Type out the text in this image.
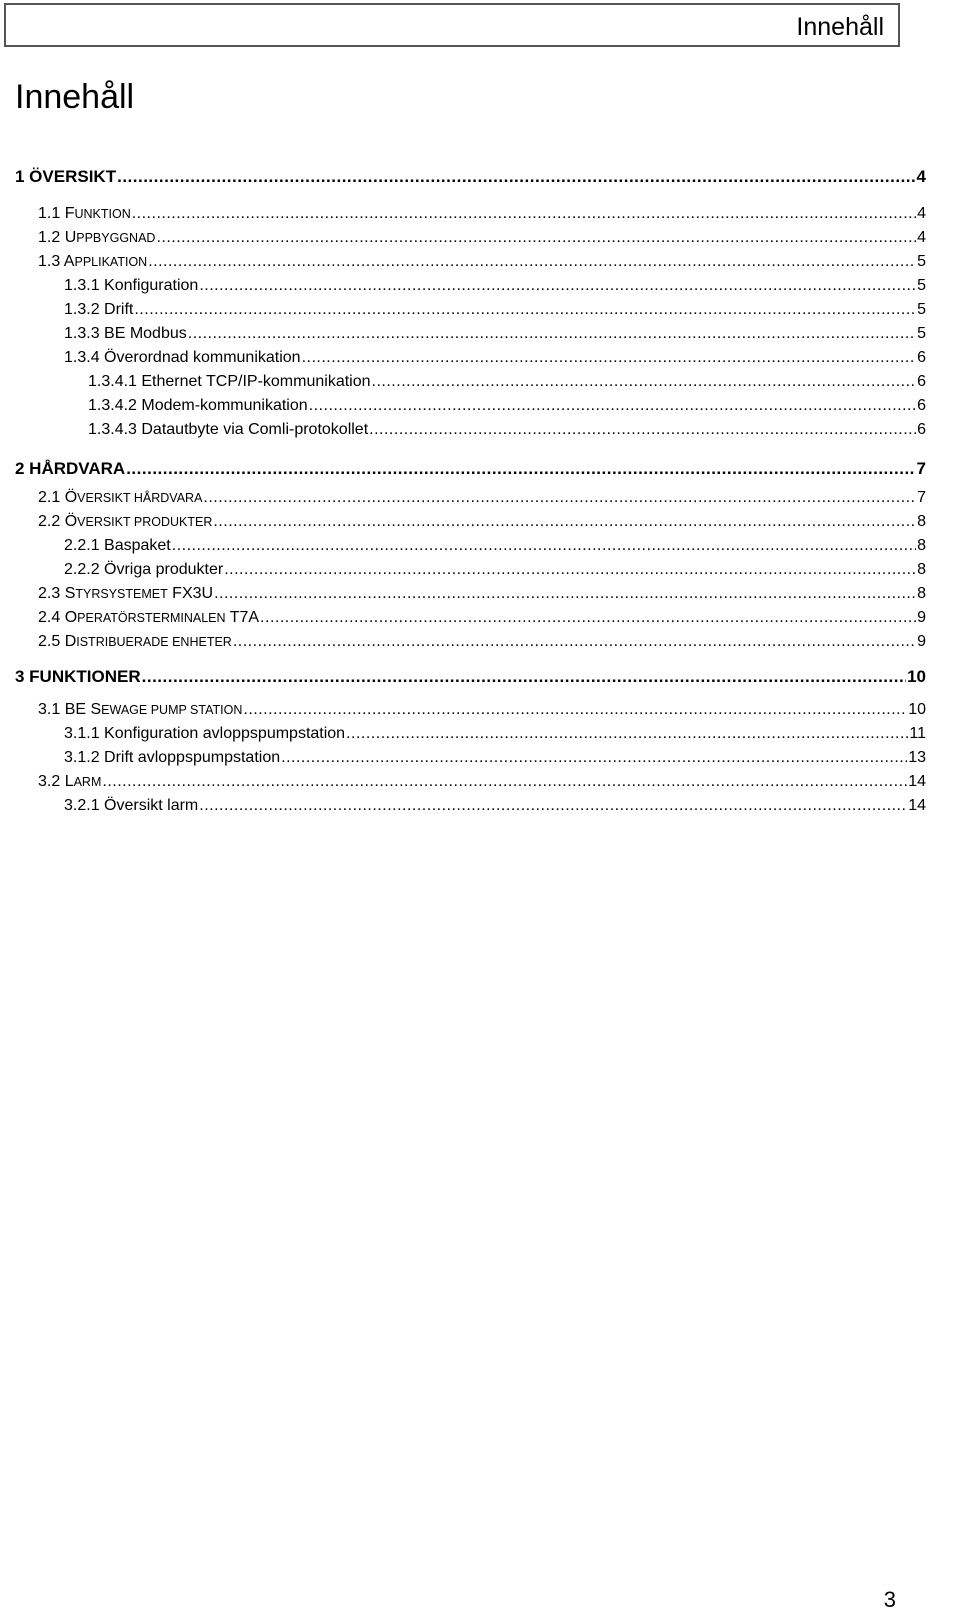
Innehåll
Innehåll
1 ÖVERSIKT .....	4
1.1 FUNKTION .....	4
1.2 UPPBYGGNAD .....	4
1.3 APPLIKATION .....	5
1.3.1 Konfiguration .....	5
1.3.2 Drift .....	5
1.3.3 BE Modbus .....	5
1.3.4 Överordnad kommunikation .....	6
1.3.4.1 Ethernet TCP/IP-kommunikation .....	6
1.3.4.2 Modem-kommunikation .....	6
1.3.4.3 Datautbyte via Comli-protokollet .....	6
2 HÅRDVARA .....	7
2.1 ÖVERSIKT HÅRDVARA .....	7
2.2 ÖVERSIKT PRODUKTER .....	8
2.2.1 Baspaket .....	8
2.2.2 Övriga produkter .....	8
2.3 STYRSYSTEMET FX3U .....	8
2.4 OPERATÖRSTERMINALEN T7A .....	9
2.5 DISTRIBUERADE ENHETER .....	9
3 FUNKTIONER .....	10
3.1 BE SEWAGE PUMP STATION .....	10
3.1.1 Konfiguration avloppspumpstation .....	11
3.1.2 Drift avloppspumpstation .....	13
3.2 LARM .....	14
3.2.1 Översikt larm .....	14
3
